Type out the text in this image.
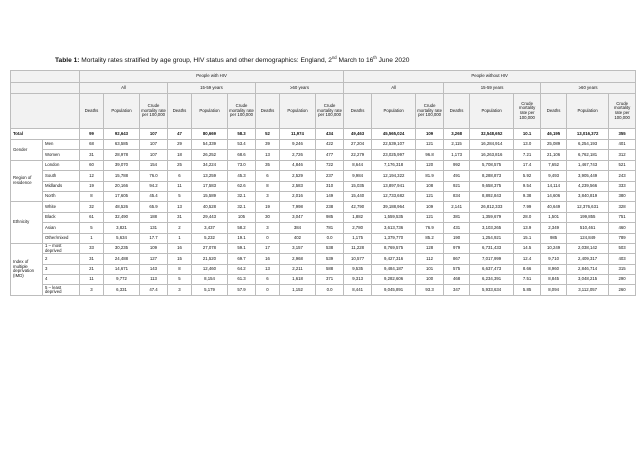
Table 1: Mortality rates stratified by age group, HIV status and other demographics: England, 2nd March to 16th June 2020
		People with HIV									People without HIV								
		All			15-59 years			≥60 years			All			15-59 years			≥60 years		
		Deaths	Population	Crude mortality rate per 100,000	Deaths	Population	Crude mortality rate per 100,000	Deaths	Population	Crude mortality rate per 100,000	Deaths	Population	Crude mortality rate per 100,000	Deaths	Population	Crude mortality rate per 100,000	Deaths	Population	Crude mortality rate per 100,000
Total		99	92,643	107	47	80,669	58.3	52	11,974	434	49,463	45,565,024	109	3,268	32,548,652	10.1	46,195	13,016,372	355
Gender	Men	68	63,585	107	29	54,339	53.4	39	9,246	422	27,204	22,539,107	121	2,115	16,284,914	13.0	25,089	6,254,193	401
	Women	31	28,978	107	18	26,252	68.6	13	2,726	477	22,279	23,025,997	96.8	1,173	16,263,816	7.21	21,106	6,762,181	312
Region of residence	London	60	39,070	154	25	34,224	73.0	35	4,846	722	8,644	7,176,318	120	992	5,708,575	17.4	7,652	1,467,743	521
	South	12	15,788	76.0	6	13,259	45.3	6	2,529	237	9,984	12,194,322	81.9	491	8,288,873	5.92	9,493	3,905,449	243
	Midlands	19	20,166	94.2	11	17,583	62.6	8	2,583	310	15,035	13,897,941	108	921	9,658,375	9.54	14,114	4,239,566	333
	North	8	17,605	45.4	5	15,589	32.1	3	2,016	149	15,440	12,733,682	121	834	8,892,843	9.38	14,606	3,840,819	380
Ethnicity	White	32	48,526	65.9	13	40,528	32.1	19	7,998	238	42,790	39,188,964	109	2,141	26,812,333	7.99	40,649	12,376,631	328
	Black	61	32,490	188	31	29,443	105	30	3,047	985	1,882	1,559,535	121	381	1,359,679	28.0	1,501	199,855	751
	Asian	5	3,821	131	2	3,437	58.2	3	384	781	2,780	3,613,736	76.9	431	3,103,265	13.9	2,349	510,461	460
	Other/mixed	1	5,634	17.7	1	5,232	19.1	0	402	0.0	1,175	1,379,770	85.2	190	1,254,921	15.1	985	124,849	789
Index of multiple deprivation (IMD)	1 – most deprived	33	30,235	109	16	27,078	59.1	17	3,157	538	11,228	8,769,575	128	979	6,731,433	14.5	10,249	2,038,142	503
	2	31	24,488	127	15	21,520	69.7	16	2,968	539	10,577	9,427,316	112	867	7,017,999	12.4	9,710	2,409,317	403
	3	21	14,671	143	8	12,460	64.2	13	2,211	588	9,535	9,484,187	101	575	6,637,473	8.66	8,960	2,846,714	315
	4	11	9,772	113	5	8,154	61.3	6	1,618	371	9,313	9,282,606	100	468	6,234,391	7.51	8,845	3,048,215	290
	5 – least deprived	3	6,331	47.4	3	5,179	57.9	0	1,152	0.0	8,441	9,045,891	93.3	347	5,933,634	5.85	8,094	3,112,057	260
